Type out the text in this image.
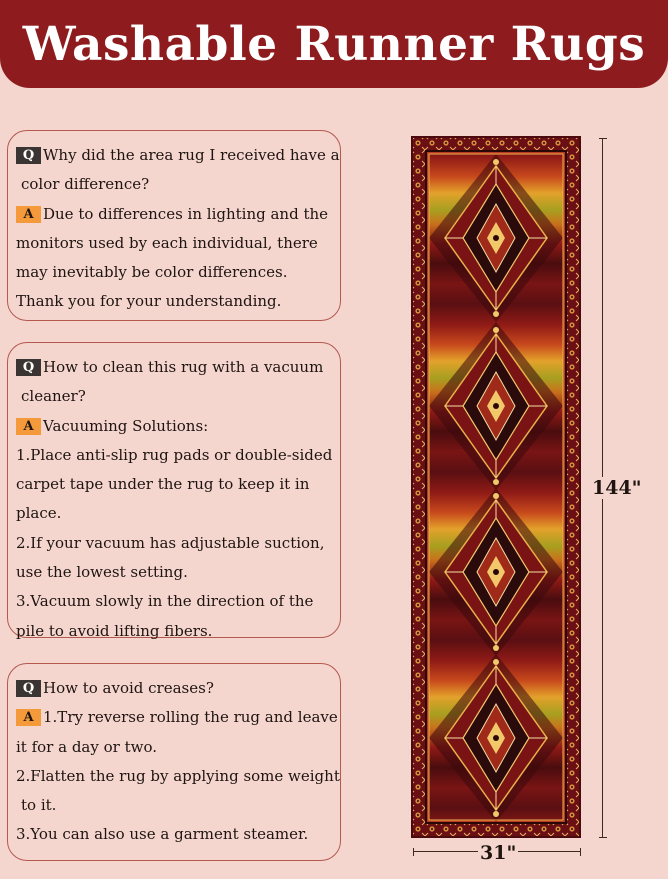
Washable Runner Rugs

Q Why did the area rug I received have a

color difference?

A Due to differences in lighting and the

monitors used by each individual, there

may inevitably be color differences.

Thank you for your understanding.

Q How to clean this rug with a vacuum

cleaner?

A Vacuuming Solutions:

1.Place anti-slip rug pads or double-sided

carpet tape under the rug to keep it in

place.

2.If your vacuum has adjustable suction,

use the lowest setting.

3.Vacuum slowly in the direction of the

pile to avoid lifting fibers.

Q How to avoid creases?

A 1.Try reverse rolling the rug and leave

it for a day or two.

2.Flatten the rug by applying some weight

to it.

3.You can also use a garment steamer.

144"
31"
